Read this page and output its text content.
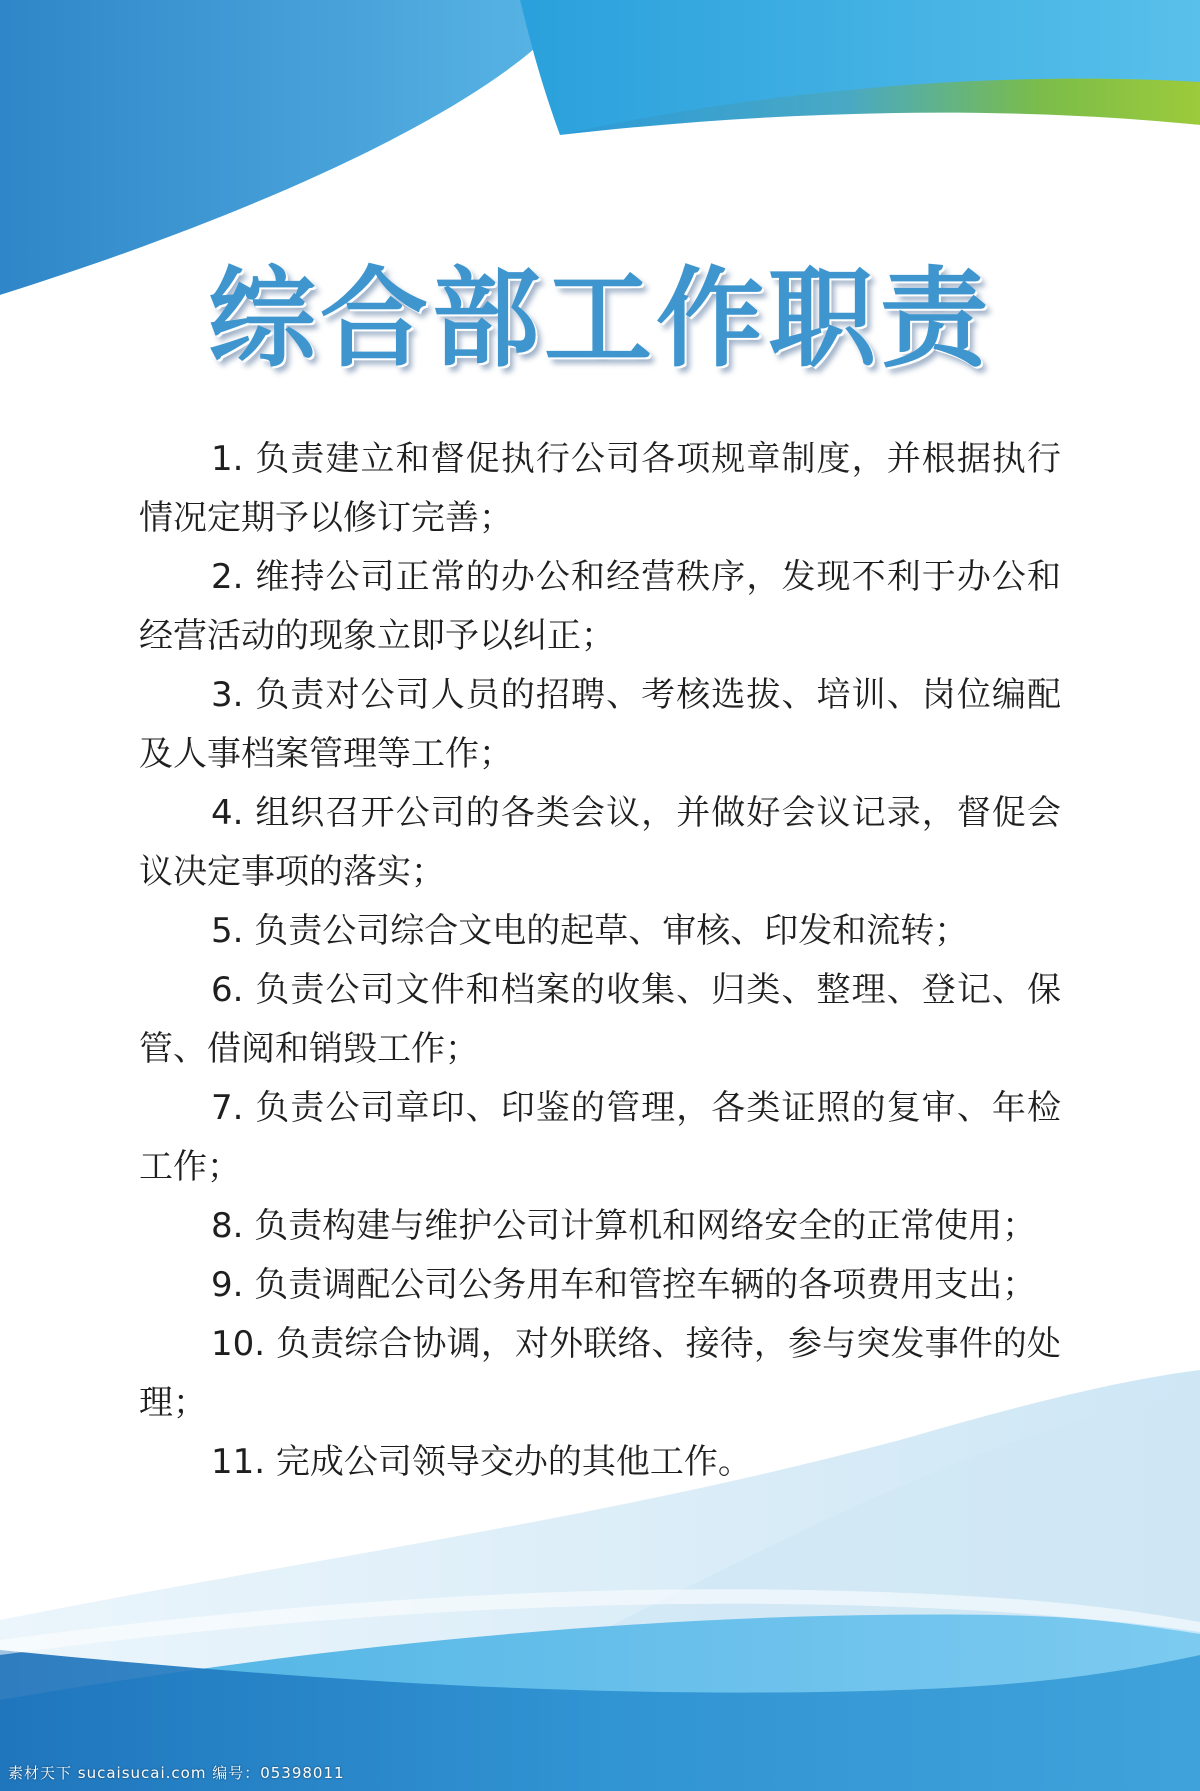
综合部工作职责
1. 负责建立和督促执行公司各项规章制度，并根据执行情况定期予以修订完善；
2. 维持公司正常的办公和经营秩序，发现不利于办公和经营活动的现象立即予以纠正；
3. 负责对公司人员的招聘、考核选拔、培训、岗位编配及人事档案管理等工作；
4. 组织召开公司的各类会议，并做好会议记录，督促会议决定事项的落实；
5. 负责公司综合文电的起草、审核、印发和流转；
6. 负责公司文件和档案的收集、归类、整理、登记、保管、借阅和销毁工作；
7. 负责公司章印、印鉴的管理，各类证照的复审、年检工作；
8. 负责构建与维护公司计算机和网络安全的正常使用；
9. 负责调配公司公务用车和管控车辆的各项费用支出；
10. 负责综合协调，对外联络、接待，参与突发事件的处理；
11. 完成公司领导交办的其他工作。
素材天下 sucaisucai.com 编号：05398011
